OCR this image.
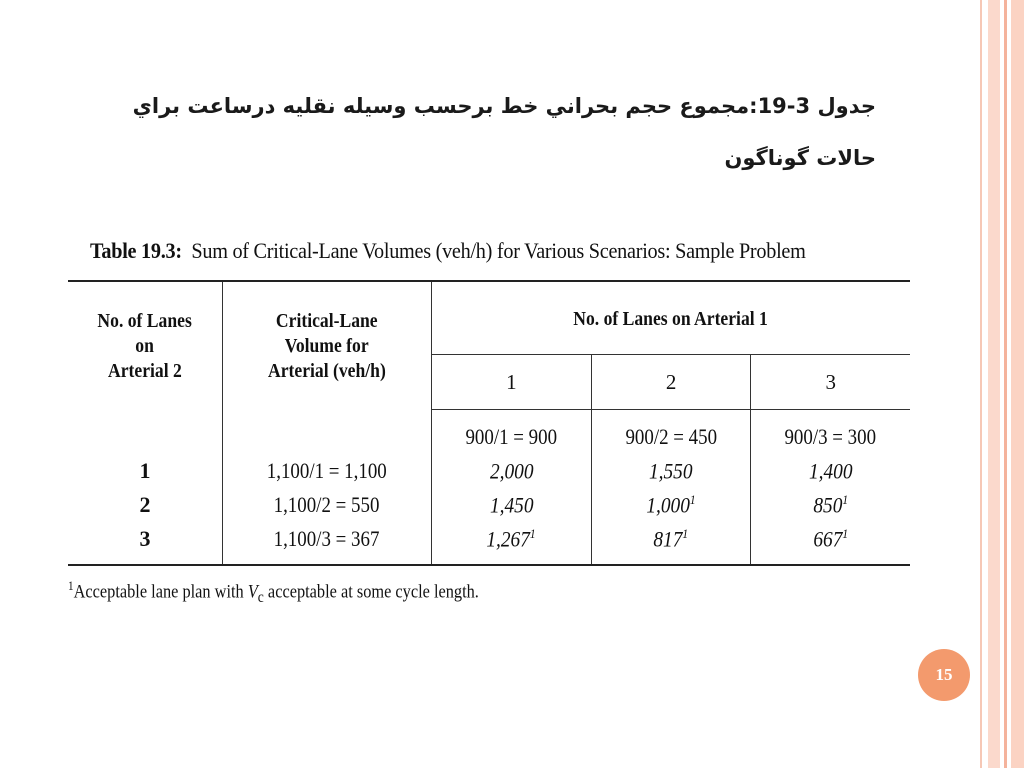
جدول 3-19:مجموع حجم بحراني خط برحسب وسيله نقليه درساعت براي
حالات گوناگون
Table 19.3: Sum of Critical-Lane Volumes (veh/h) for Various Scenarios: Sample Problem
No. of Lanes
on
Arterial 2	Critical-Lane
Volume for
Arterial (veh/h)	No. of Lanes on Arterial 1		
		1	2	3
		900/1 = 900	900/2 = 450	900/3 = 300
1	1,100/1 = 1,100	2,000	1,550	1,400
2	1,100/2 = 550	1,450	1,000$^1$	$850^1$
3	1,100/3 = 367	1,267$^1$	$817^1$	$667^1$
$^1$Acceptable lane plan with $V_c$ acceptable at some cycle length.
15
